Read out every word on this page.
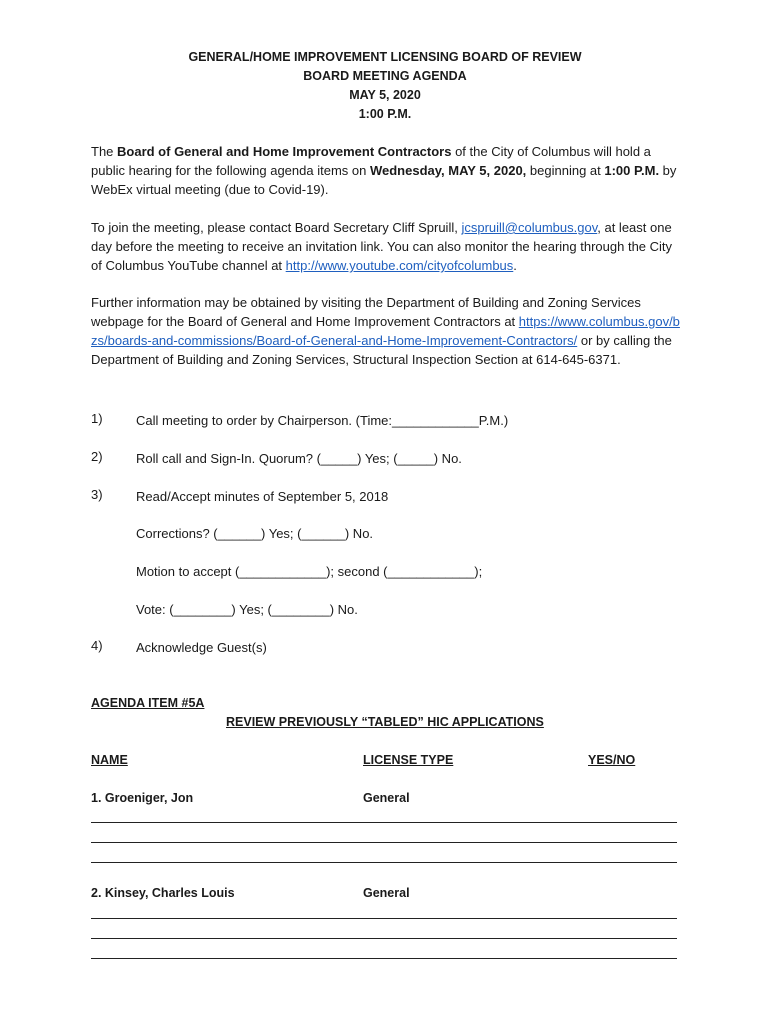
GENERAL/HOME IMPROVEMENT LICENSING BOARD OF REVIEW
BOARD MEETING AGENDA
MAY 5, 2020
1:00 P.M.
The Board of General and Home Improvement Contractors of the City of Columbus will hold a public hearing for the following agenda items on Wednesday, MAY 5, 2020, beginning at 1:00 P.M. by WebEx virtual meeting (due to Covid-19).
To join the meeting, please contact Board Secretary Cliff Spruill, jcspruill@columbus.gov, at least one day before the meeting to receive an invitation link. You can also monitor the hearing through the City of Columbus YouTube channel at http://www.youtube.com/cityofcolumbus.
Further information may be obtained by visiting the Department of Building and Zoning Services webpage for the Board of General and Home Improvement Contractors at https://www.columbus.gov/bzs/boards-and-commissions/Board-of-General-and-Home-Improvement-Contractors/ or by calling the Department of Building and Zoning Services, Structural Inspection Section at 614-645-6371.
1)	Call meeting to order by Chairperson. (Time:____________P.M.)
2)	Roll call and Sign-In. Quorum? (_____) Yes; (_____) No.
3)	Read/Accept minutes of September 5, 2018
Corrections? (______) Yes; (______) No.
Motion to accept (____________); second (____________);
Vote: (________) Yes; (________) No.
4)	Acknowledge Guest(s)
AGENDA ITEM #5A
REVIEW PREVIOUSLY “TABLED” HIC APPLICATIONS
NAME	LICENSE TYPE	YES/NO
1. Groeniger, Jon	General
2. Kinsey, Charles Louis	General
